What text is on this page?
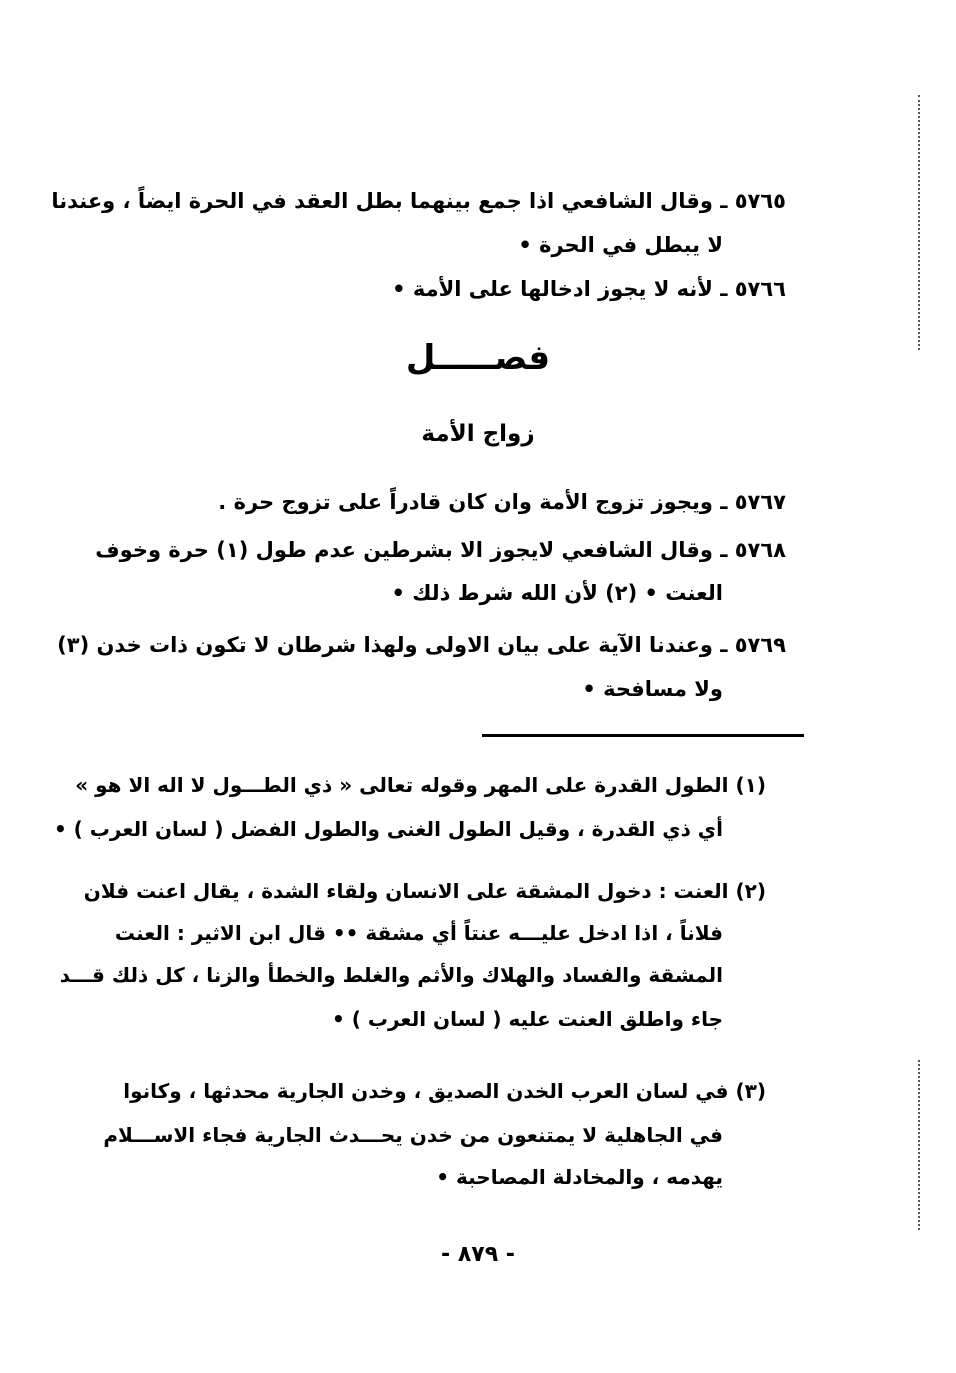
٥٧٦٥ ـ وقال الشافعي اذا جمع بينهما بطل العقد في الحرة ايضاً ، وعندنا
لا يبطل في الحرة •
٥٧٦٦ ـ لأنه لا يجوز ادخالها على الأمة •
فصـــــل
زواج الأمة
٥٧٦٧ ـ ويجوز تزوج الأمة وان كان قادراً على تزوج حرة .
٥٧٦٨ ـ وقال الشافعي لايجوز الا بشرطين عدم طول (١) حرة وخوف
العنت • (٢) لأن الله شرط ذلك •
٥٧٦٩ ـ وعندنا الآية على بيان الاولى ولهذا شرطان لا تكون ذات خدن (٣)
ولا مسافحة •
(١) الطول القدرة على المهر وقوله تعالى « ذي الطـــول لا اله الا هو »
أي ذي القدرة ، وقيل الطول الغنى والطول الفضل ( لسان العرب ) •
(٢) العنت : دخول المشقة على الانسان ولقاء الشدة ، يقال اعنت فلان
فلاناً ، اذا ادخل عليـــه عنتاً أي مشقة •• قال ابن الاثير : العنت
المشقة والفساد والهلاك والأثم والغلط والخطأ والزنا ، كل ذلك قـــد
جاء واطلق العنت عليه ( لسان العرب ) •
(٣) في لسان العرب الخدن الصديق ، وخدن الجارية محدثها ، وكانوا
في الجاهلية لا يمتنعون من خدن يحـــدث الجارية فجاء الاســـلام
يهدمه ، والمخادلة المصاحبة •
- ٨٧٩ -
